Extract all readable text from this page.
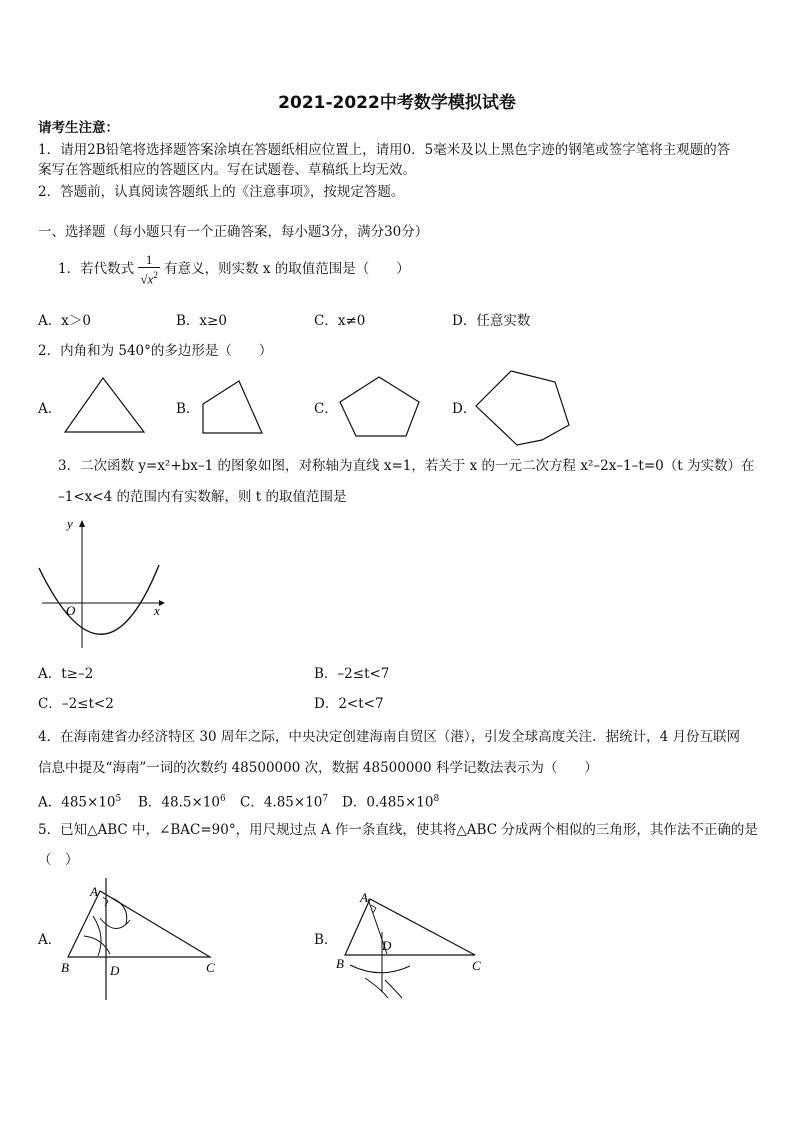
2021-2022中考数学模拟试卷
请考生注意：
1．请用2B铅笔将选择题答案涂填在答题纸相应位置上，请用0．5毫米及以上黑色字迹的钢笔或签字笔将主观题的答
案写在答题纸相应的答题区内。写在试题卷、草稿纸上均无效。
2．答题前，认真阅读答题纸上的《注意事项》，按规定答题。
一、选择题（每小题只有一个正确答案，每小题3分，满分30分）
1．若代数式 $\frac{1}{√x^2}$ 有意义，则实数 x 的取值范围是（　　）
A．x＞0	B．x≥0	C．x≠0	D．任意实数
2．内角和为 540°的多边形是（　　）
A．	B．	C．	D．
3．二次函数 y=x²+bx–1 的图象如图，对称轴为直线 x=1，若关于 x 的一元二次方程 x²–2x–1–t=0（t 为实数）在
–1<x<4 的范围内有实数解，则 t 的取值范围是
x
y
O
A．t≥–2	B．–2≤t<7
C．–2≤t<2	D．2<t<7
4．在海南建省办经济特区 30 周年之际，中央决定创建海南自贸区（港），引发全球高度关注．据统计，4 月份互联网
信息中提及“海南”一词的次数约 48500000 次，数据 48500000 科学记数法表示为（　　）
A．$485\times 10^5$ B．$48.5\times 10^6$ C．$4.85\times 10^7$ D．$0.485\times 10^8$
5．已知△ABC 中，∠BAC=90°，用尺规过点 A 作一条直线，使其将△ABC 分成两个相似的三角形，其作法不正确的是
（　）
A．
A
B	D	C
B．
A
B
D
C
